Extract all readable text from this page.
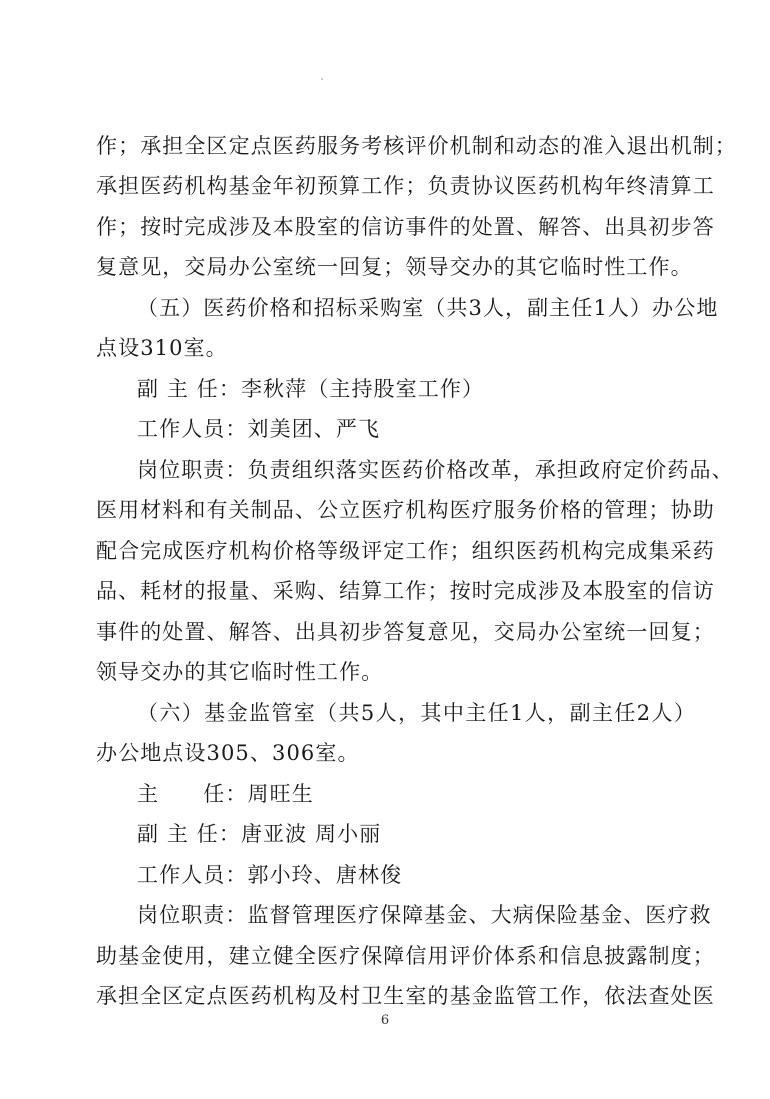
作；承担全区定点医药服务考核评价机制和动态的准入退出机制；
承担医药机构基金年初预算工作；负责协议医药机构年终清算工
作；按时完成涉及本股室的信访事件的处置、解答、出具初步答
复意见，交局办公室统一回复；领导交办的其它临时性工作。
（五）医药价格和招标采购室（共3人，副主任1人）办公地
点设310室。
副 主 任：李秋萍（主持股室工作）
工作人员：刘美团、严飞
岗位职责：负责组织落实医药价格改革，承担政府定价药品、
医用材料和有关制品、公立医疗机构医疗服务价格的管理；协助
配合完成医疗机构价格等级评定工作；组织医药机构完成集采药
品、耗材的报量、采购、结算工作；按时完成涉及本股室的信访
事件的处置、解答、出具初步答复意见，交局办公室统一回复；
领导交办的其它临时性工作。
（六）基金监管室（共5人，其中主任1人，副主任2人）
办公地点设305、306室。
主　　任：周旺生
副 主 任：唐亚波 周小丽
工作人员：郭小玲、唐林俊
岗位职责：监督管理医疗保障基金、大病保险基金、医疗救
助基金使用，建立健全医疗保障信用评价体系和信息披露制度；
承担全区定点医药机构及村卫生室的基金监管工作，依法查处医
6
